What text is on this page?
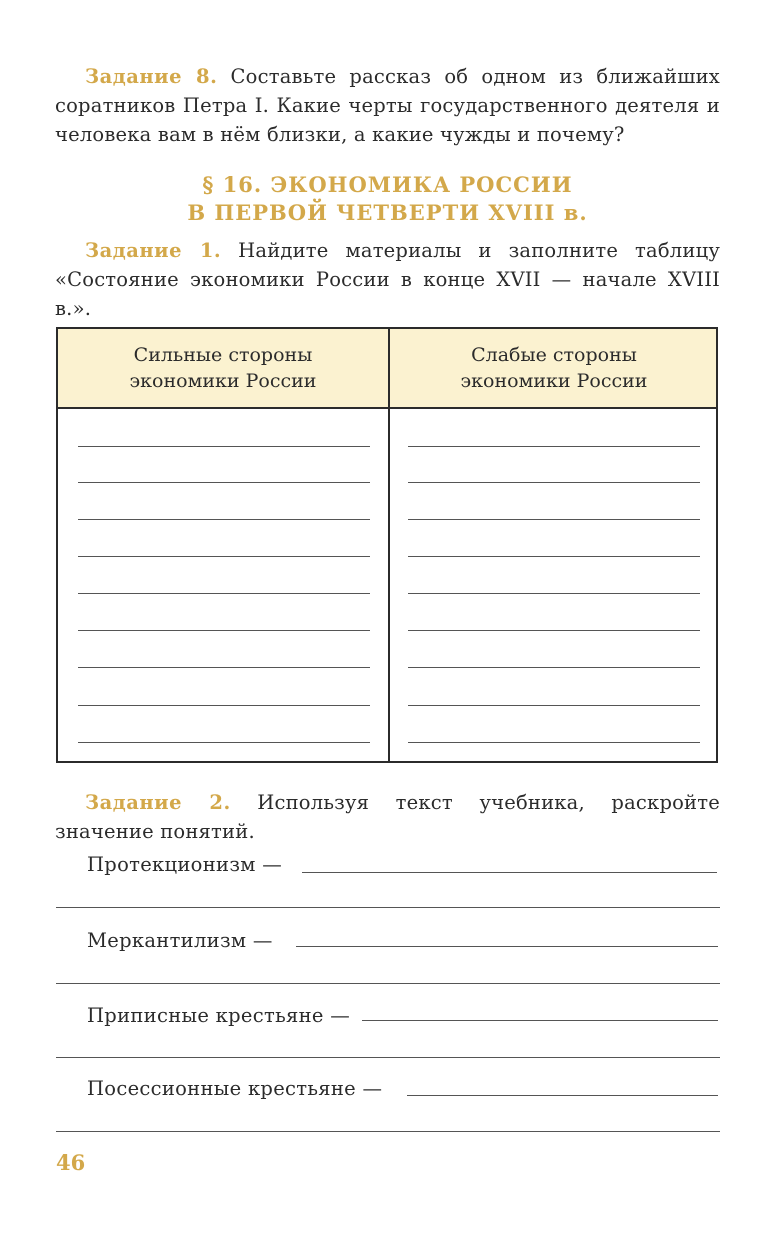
Задание 8. Составьте рассказ об одном из ближайших соратников Петра I. Какие черты государственного деятеля и человека вам в нём близки, а какие чужды и почему?

§ 16. ЭКОНОМИКА РОССИИ
В ПЕРВОЙ ЧЕТВЕРТИ XVIII в.

Задание 1. Найдите материалы и заполните таблицу «Состояние экономики России в конце XVII — начале XVIII в.».

Сильные стороны
экономики России
Слабые стороны
экономики России

Задание 2. Используя текст учебника, раскройте значение понятий.

Протекционизм —
Меркантилизм —
Приписные крестьяне —
Посессионные крестьяне —
46
